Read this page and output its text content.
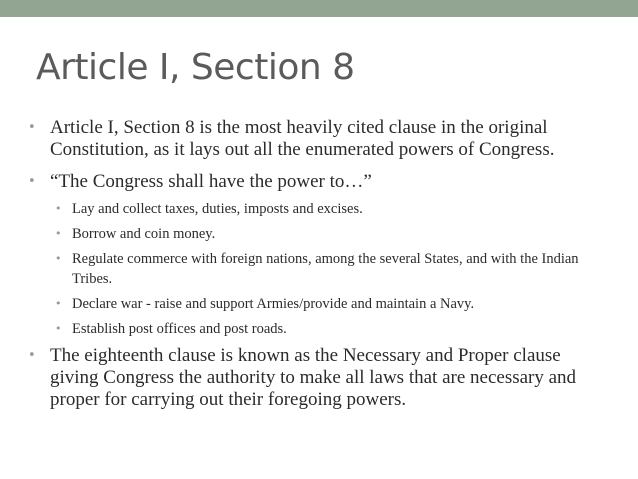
Article I, Section 8
• Article I, Section 8 is the most heavily cited clause in the original Constitution, as it lays out all the enumerated powers of Congress.
• “The Congress shall have the power to…”
• Lay and collect taxes, duties, imposts and excises.
• Borrow and coin money.
• Regulate commerce with foreign nations, among the several States, and with the Indian Tribes.
• Declare war - raise and support Armies/provide and maintain a Navy.
• Establish post offices and post roads.
• The eighteenth clause is known as the Necessary and Proper clause giving Congress the authority to make all laws that are necessary and proper for carrying out their foregoing powers.
